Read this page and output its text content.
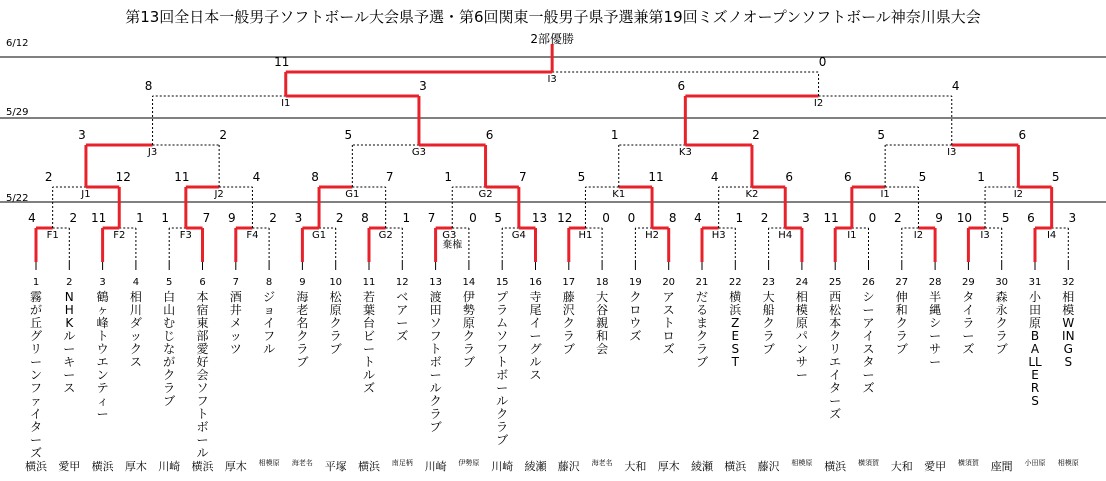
第13回全日本一般男子ソフトボール大会県予選・第6回関東一般男子県予選兼第19回ミズノオープンソフトボール神奈川県大会
6/12
5/29
5/22
1
霧が丘グリーンファイターズ
横浜
2
NHKルーキース
愛甲
3
鶴ヶ峰トウエンティー
横浜
4
相川ダックス
厚木
5
白山むじながクラブ
川崎
6
本宿東部愛好会ソフトボール
横浜
7
酒井メッツ
厚木
8
ジョイフル
相模原
9
海老名クラブ
海老名
10
松原クラブ
平塚
11
若葉台ビートルズ
横浜
12
ベアーズ
南足柄
13
渡田ソフトボールクラブ
川崎
14
伊勢原クラブ
伊勢原
15
プラムソフトボールクラブ
川崎
16
寺尾イーグルス
綾瀬
17
藤沢クラブ
藤沢
18
大谷親和会
海老名
19
クロウズ
大和
20
アストロズ
厚木
21
だるまクラブ
綾瀬
22
横浜ZEST
横浜
23
大船クラブ
藤沢
24
相模原パンサー
相模原
25
西松本クリエイターズ
横浜
26
シーアイスターズ
横須賀
27
伸和クラブ
大和
28
半縄シーサー
愛甲
29
タイラーズ
横須賀
30
森永クラブ
座間
31
小田原BALLERS
小田原
32
相模WINGS
相模原
4	2
F1
11 1
F2
1	7
F3
9	2
F4
3	2
G1
8	1
G2
7	0
G3
棄権
5 13
G4
12 0
H1
0	8
H2
4	1
H3
2	3
H4
11 0
I1
2	9
I2
10 5
I3
6	3
I4
2	12
J1
11	4
J2
8	7
G1
1	7
G2
5	11
K1
4	6
K2
6	5
I1
1	5
I2
3	2
J3
5	6
G3
1	2
K3
5	6
I3
8	3
I1
6	4
I2
11	0
I3
2部優勝
